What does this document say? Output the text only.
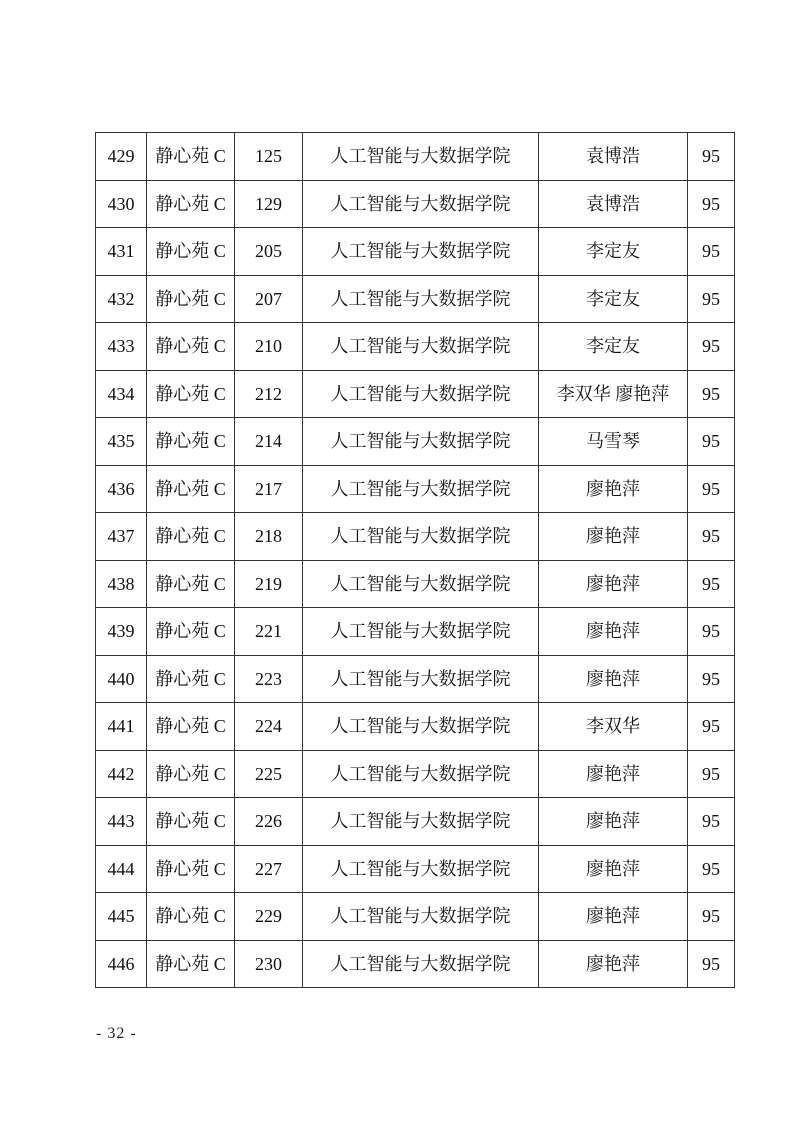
429	静心苑 C	125	人工智能与大数据学院	袁博浩	95
430	静心苑 C	129	人工智能与大数据学院	袁博浩	95
431	静心苑 C	205	人工智能与大数据学院	李定友	95
432	静心苑 C	207	人工智能与大数据学院	李定友	95
433	静心苑 C	210	人工智能与大数据学院	李定友	95
434	静心苑 C	212	人工智能与大数据学院	李双华 廖艳萍	95
435	静心苑 C	214	人工智能与大数据学院	马雪琴	95
436	静心苑 C	217	人工智能与大数据学院	廖艳萍	95
437	静心苑 C	218	人工智能与大数据学院	廖艳萍	95
438	静心苑 C	219	人工智能与大数据学院	廖艳萍	95
439	静心苑 C	221	人工智能与大数据学院	廖艳萍	95
440	静心苑 C	223	人工智能与大数据学院	廖艳萍	95
441	静心苑 C	224	人工智能与大数据学院	李双华	95
442	静心苑 C	225	人工智能与大数据学院	廖艳萍	95
443	静心苑 C	226	人工智能与大数据学院	廖艳萍	95
444	静心苑 C	227	人工智能与大数据学院	廖艳萍	95
445	静心苑 C	229	人工智能与大数据学院	廖艳萍	95
446	静心苑 C	230	人工智能与大数据学院	廖艳萍	95
- 32 -
